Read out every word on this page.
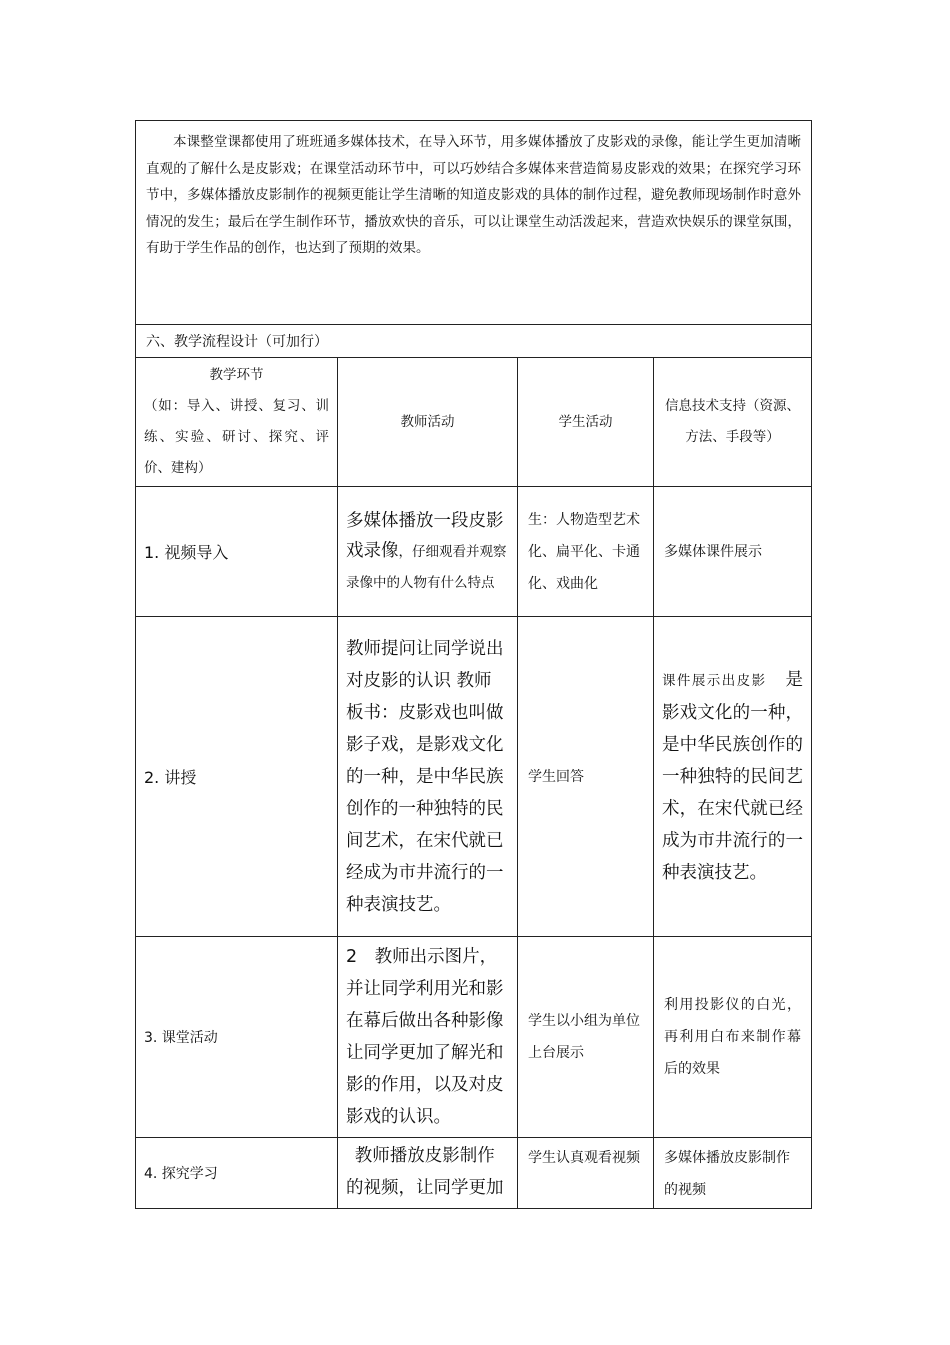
本课整堂课都使用了班班通多媒体技术，在导入环节，用多媒体播放了皮影戏的录像，能让学生更加清晰直观的了解什么是皮影戏；在课堂活动环节中，可以巧妙结合多媒体来营造简易皮影戏的效果；在探究学习环节中，多媒体播放皮影制作的视频更能让学生清晰的知道皮影戏的具体的制作过程，避免教师现场制作时意外情况的发生；最后在学生制作环节，播放欢快的音乐，可以让课堂生动活泼起来，营造欢快娱乐的课堂氛围，有助于学生作品的创作，也达到了预期的效果。			

六、教学流程设计（可加行）			

教学环节
（如：导入、讲授、复习、训练、实验、研讨、探究、评价、建构）	教师活动	学生活动	信息技术支持（资源、方法、手段等）
1. 视频导入	多媒体播放一段皮影戏录像，仔细观看并观察录像中的人物有什么特点	生：人物造型艺术化、扁平化、卡通化、戏曲化	多媒体课件展示
2. 讲授	教师提问让同学说出对皮影的认识 教师板书：皮影戏也叫做影子戏，是影戏文化的一种，是中华民族创作的一种独特的民间艺术，在宋代就已经成为市井流行的一种表演技艺。	学生回答	课件展示出皮影　 是影戏文化的一种，是中华民族创作的一种独特的民间艺术，在宋代就已经成为市井流行的一种表演技艺。
3. 课堂活动	2　教师出示图片，并让同学利用光和影在幕后做出各种影像让同学更加了解光和影的作用，以及对皮影戏的认识。	学生以小组为单位上台展示	利用投影仪的白光，再利用白布来制作幕后的效果
4. 探究学习	教师播放皮影制作的视频，让同学更加	学生认真观看视频	多媒体播放皮影制作的视频
